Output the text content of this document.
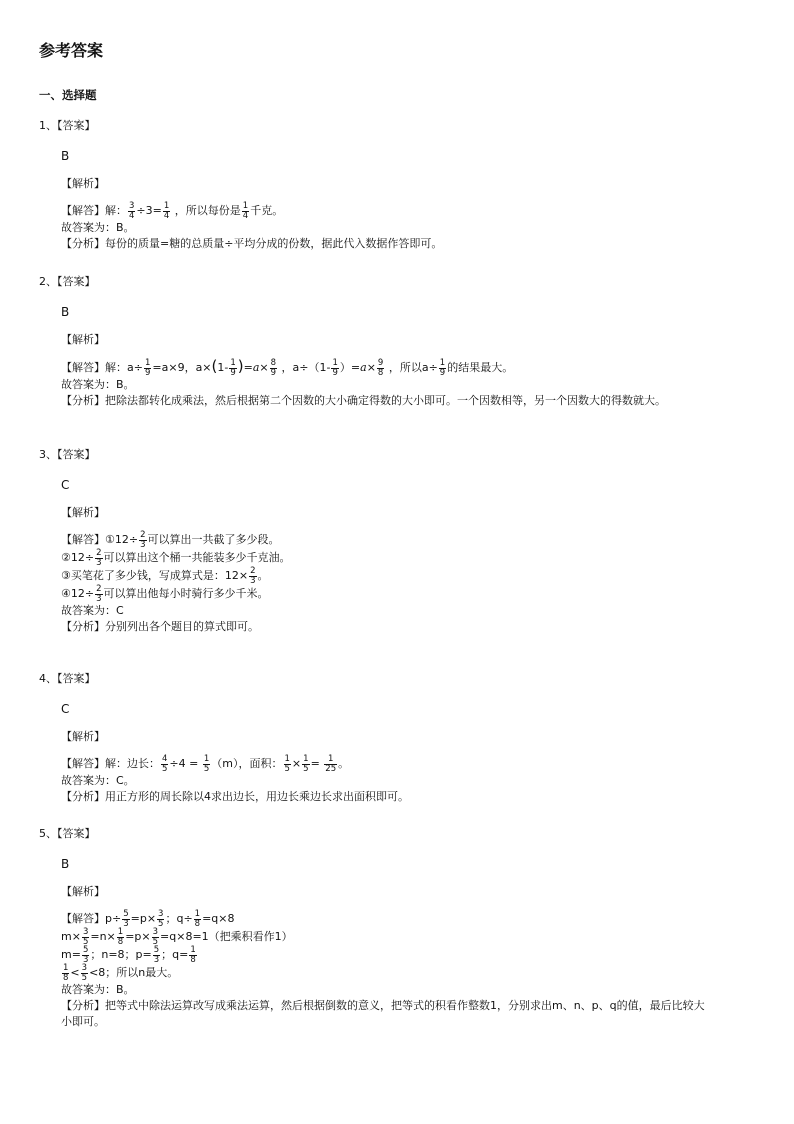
参考答案
一、选择题
1、【答案】
B
【解析】
【解答】解： $\frac{3}{4} \div 3= \frac{1}{4}$ ，所以每份是 $\frac{1}{4}$ 千克。
故答案为：B。
【分析】每份的质量=糖的总质量÷平均分成的份数，据此代入数据作答即可。
2、【答案】
B
【解析】
【解答】解：$a\div \frac{1}{9} =a\times 9$，$a\times(1- \frac{1}{9} )=a\times \frac{8}{9}$ ，$a\div(1- \frac{1}{9} )=a\times \frac{9}{8}$ ，所以$a\div \frac{1}{9}$ 的结果最大。
故答案为：B。
【分析】把除法都转化成乘法，然后根据第二个因数的大小确定得数的大小即可。一个因数相等，另一个因数大的得数就大。
3、【答案】
C
【解析】
【解答】①12÷ $\frac{2}{3}$ 可以算出一共截了多少段。
②12÷ $\frac{2}{3}$ 可以算出这个桶一共能装多少千克油。
③买笔花了多少钱，写成算式是：$12\times \frac{2}{3}$ 。
④12÷ $\frac{2}{3}$ 可以算出他每小时骑行多少千米。
故答案为：C
【分析】分别列出各个题目的算式即可。
4、【答案】
C
【解析】
【解答】解：边长： $\frac{4}{5} \div 4 = \frac{1}{5} (m)$，面积： $\frac{1}{5} \times \frac{1}{5} = \frac{1}{25}$ 。
故答案为：C。
【分析】用正方形的周长除以4求出边长，用边长乘边长求出面积即可。
5、【答案】
B
【解析】
【解答】$p\div \frac{5}{3} =p\times \frac{3}{5}$ ；$q\div \frac{1}{8} =q\times 8$
$m\times \frac{3}{5} =n\times \frac{1}{8} =p\times \frac{3}{5} =q\times 8=1$（把乘积看作1）
$m= \frac{5}{3}$ ；n=8；$p= \frac{5}{3}$ ；$q= \frac{1}{8}$
$\frac{1}{8} < \frac{3}{5} <8$；所以n最大。
故答案为：B。
【分析】把等式中除法运算改写成乘法运算，然后根据倒数的意义，把等式的积看作整数1，分别求出m、n、p、q的值，最后比较大小即可。
